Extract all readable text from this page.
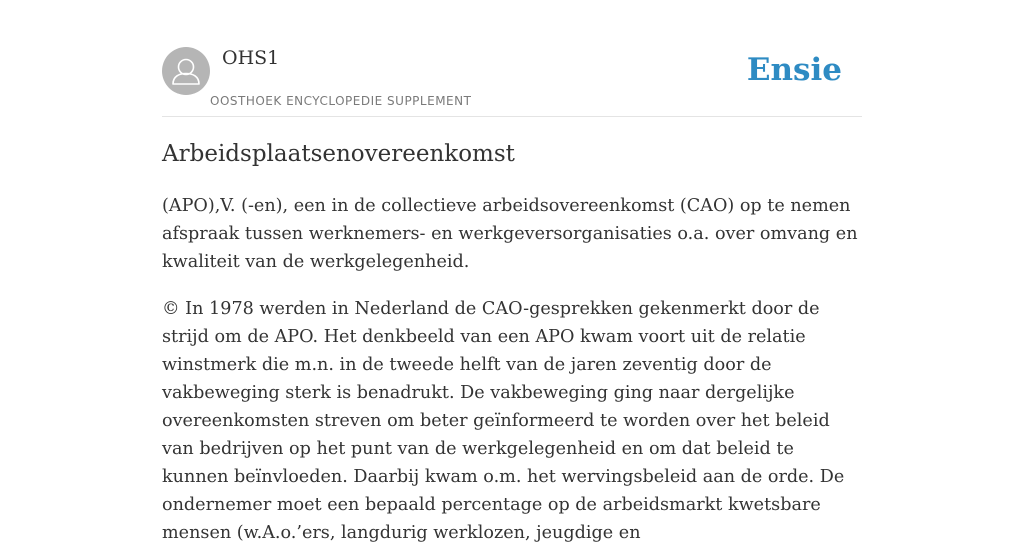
OHS1
OOSTHOEK ENCYCLOPEDIE SUPPLEMENT
Ensie
Arbeidsplaatsenovereenkomst

(APO),V. (-en), een in de collectieve arbeidsovereenkomst (CAO) op te nemen afspraak tussen werknemers- en werkgeversorganisaties o.a. over omvang en kwaliteit van de werkgelegenheid.

© In 1978 werden in Nederland de CAO-gesprekken gekenmerkt door de strijd om de APO. Het denkbeeld van een APO kwam voort uit de relatie winstmerk die m.n. in de tweede helft van de jaren zeventig door de vakbeweging sterk is benadrukt. De vakbeweging ging naar dergelijke overeenkomsten streven om beter geïnformeerd te worden over het beleid van bedrijven op het punt van de werkgelegenheid en om dat beleid te kunnen beïnvloeden. Daarbij kwam o.m. het wervingsbeleid aan de orde. De ondernemer moet een bepaald percentage op de arbeidsmarkt kwetsbare mensen (w.A.o.’ers, langdurig werklozen, jeugdige en
